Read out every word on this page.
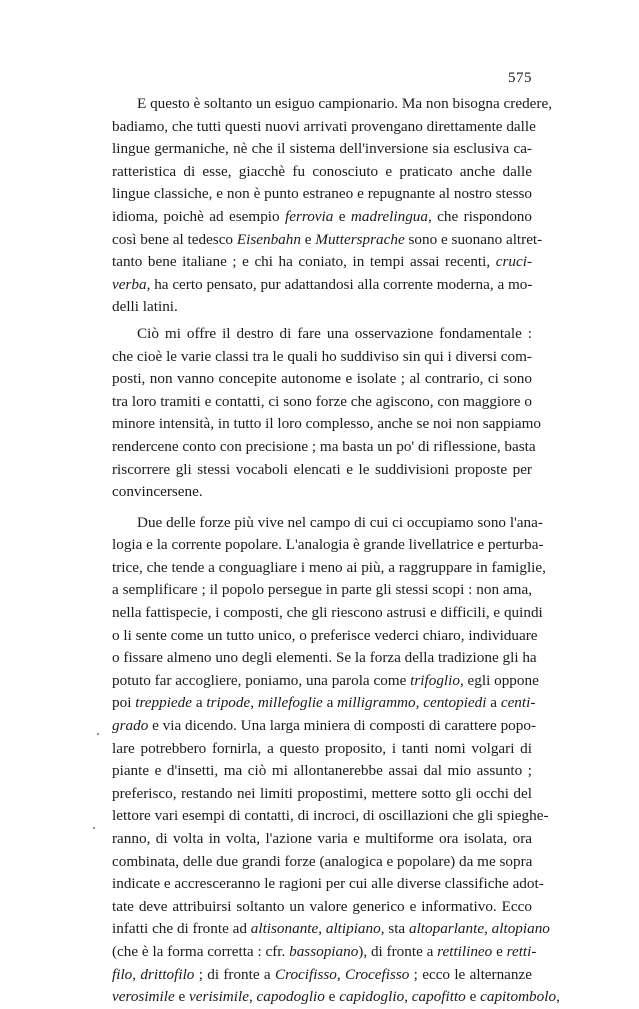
575
E questo è soltanto un esiguo campionario. Ma non bisogna credere,
badiamo, che tutti questi nuovi arrivati provengano direttamente dalle
lingue germaniche, nè che il sistema dell'inversione sia esclusiva ca-
ratteristica di esse, giacchè fu conosciuto e praticato anche dalle
lingue classiche, e non è punto estraneo e repugnante al nostro stesso
idioma, poichè ad esempio ferrovia e madrelingua, che rispondono
così bene al tedesco Eisenbahn e Muttersprache sono e suonano altret-
tanto bene italiane ; e chi ha coniato, in tempi assai recenti, cruci-
verba, ha certo pensato, pur adattandosi alla corrente moderna, a mo-
delli latini.
Ciò mi offre il destro di fare una osservazione fondamentale :
che cioè le varie classi tra le quali ho suddiviso sin qui i diversi com-
posti, non vanno concepite autonome e isolate ; al contrario, ci sono
tra loro tramiti e contatti, ci sono forze che agiscono, con maggiore o
minore intensità, in tutto il loro complesso, anche se noi non sappiamo
rendercene conto con precisione ; ma basta un po' di riflessione, basta
riscorrere gli stessi vocaboli elencati e le suddivisioni proposte per
convincersene.
Due delle forze più vive nel campo di cui ci occupiamo sono l'ana-
logia e la corrente popolare. L'analogia è grande livellatrice e perturba-
trice, che tende a conguagliare i meno ai più, a raggruppare in famiglie,
a semplificare ; il popolo persegue in parte gli stessi scopi : non ama,
nella fattispecie, i composti, che gli riescono astrusi e difficili, e quindi
o li sente come un tutto unico, o preferisce vederci chiaro, individuare
o fissare almeno uno degli elementi. Se la forza della tradizione gli ha
potuto far accogliere, poniamo, una parola come trifoglio, egli oppone
poi treppiede a tripode, millefoglie a milligrammo, centopiedi a centi-
grado e via dicendo. Una larga miniera di composti di carattere popo-
lare potrebbero fornirla, a questo proposito, i tanti nomi volgari di
piante e d'insetti, ma ciò mi allontanerebbe assai dal mio assunto ;
preferisco, restando nei limiti propostimi, mettere sotto gli occhi del
lettore vari esempi di contatti, di incroci, di oscillazioni che gli spieghe-
ranno, di volta in volta, l'azione varia e multiforme ora isolata, ora
combinata, delle due grandi forze (analogica e popolare) da me sopra
indicate e accresceranno le ragioni per cui alle diverse classifiche adot-
tate deve attribuirsi soltanto un valore generico e informativo. Ecco
infatti che di fronte ad altisonante, altipiano, sta altoparlante, altopiano
(che è la forma corretta : cfr. bassopiano), di fronte a rettilineo e retti-
filo, drittofilo ; di fronte a Crocifisso, Crocefisso ; ecco le alternanze
verosimile e verisimile, capodoglio e capidoglio, capofitto e capitombolo,
